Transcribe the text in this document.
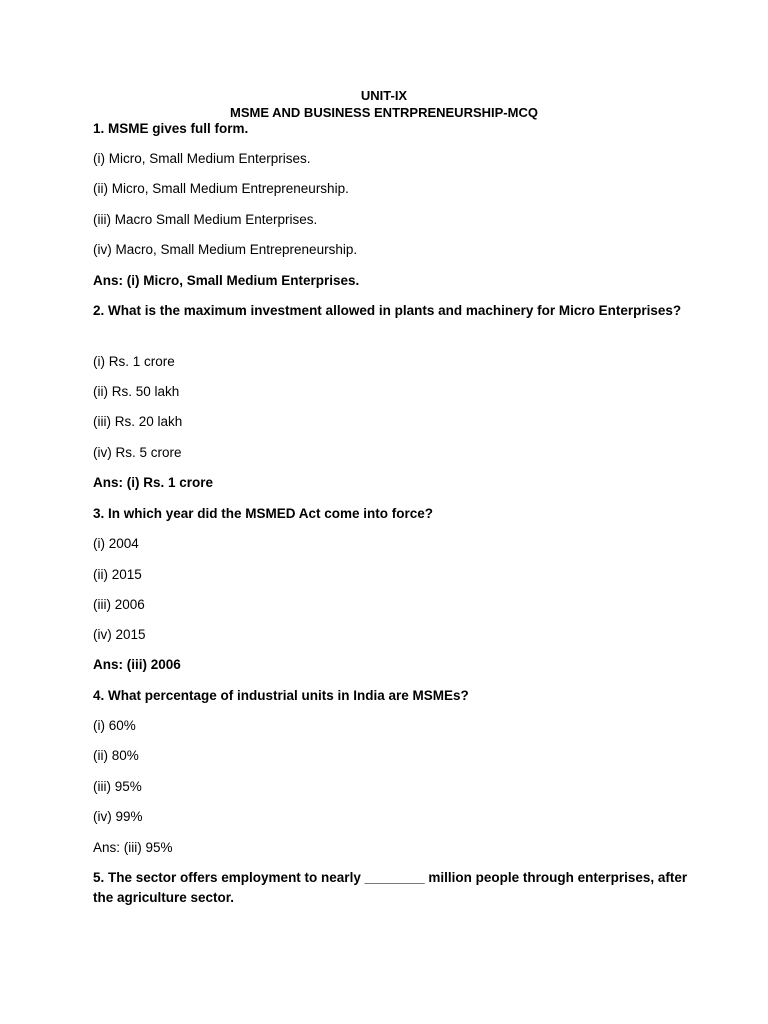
UNIT-IX
MSME AND BUSINESS ENTRPRENEURSHIP-MCQ
1. MSME gives full form.
(i) Micro, Small Medium Enterprises.
(ii) Micro, Small Medium Entrepreneurship.
(iii) Macro Small Medium Enterprises.
(iv) Macro, Small Medium Entrepreneurship.
Ans: (i) Micro, Small Medium Enterprises.
2. What is the maximum investment allowed in plants and machinery for Micro Enterprises?
(i) Rs. 1 crore
(ii) Rs. 50 lakh
(iii) Rs. 20 lakh
(iv) Rs. 5 crore
Ans: (i) Rs. 1 crore
3. In which year did the MSMED Act come into force?
(i) 2004
(ii) 2015
(iii) 2006
(iv) 2015
Ans: (iii) 2006
4. What percentage of industrial units in India are MSMEs?
(i) 60%
(ii) 80%
(iii) 95%
(iv) 99%
Ans: (iii) 95%
5. The sector offers employment to nearly ________ million people through enterprises, after the agriculture sector.
